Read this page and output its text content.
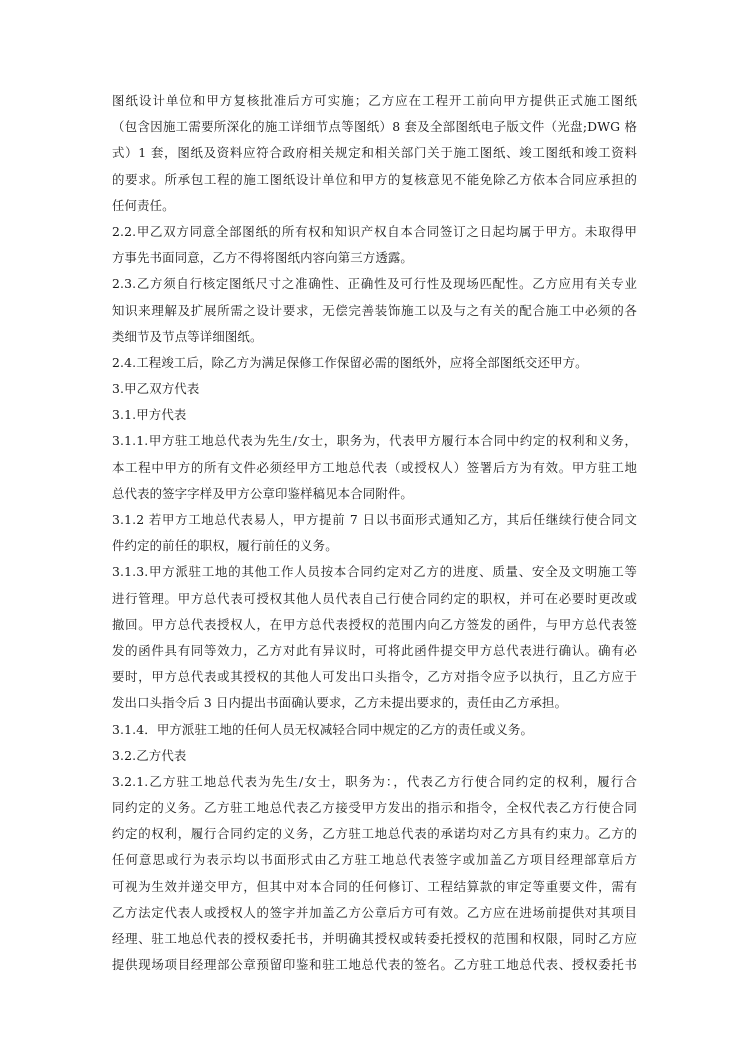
图纸设计单位和甲方复核批准后方可实施；乙方应在工程开工前向甲方提供正式施工图纸
（包含因施工需要所深化的施工详细节点等图纸）8 套及全部图纸电子版文件（光盘;DWG 格
式）1 套，图纸及资料应符合政府相关规定和相关部门关于施工图纸、竣工图纸和竣工资料
的要求。所承包工程的施工图纸设计单位和甲方的复核意见不能免除乙方依本合同应承担的
任何责任。
2.2.甲乙双方同意全部图纸的所有权和知识产权自本合同签订之日起均属于甲方。未取得甲
方事先书面同意，乙方不得将图纸内容向第三方透露。
2.3.乙方须自行核定图纸尺寸之准确性、正确性及可行性及现场匹配性。乙方应用有关专业
知识来理解及扩展所需之设计要求，无偿完善装饰施工以及与之有关的配合施工中必须的各
类细节及节点等详细图纸。
2.4.工程竣工后，除乙方为满足保修工作保留必需的图纸外，应将全部图纸交还甲方。
3.甲乙双方代表
3.1.甲方代表
3.1.1.甲方驻工地总代表为先生/女士，职务为，代表甲方履行本合同中约定的权利和义务，
本工程中甲方的所有文件必须经甲方工地总代表（或授权人）签署后方为有效。甲方驻工地
总代表的签字字样及甲方公章印鉴样稿见本合同附件。
3.1.2 若甲方工地总代表易人，甲方提前 7 日以书面形式通知乙方，其后任继续行使合同文
件约定的前任的职权，履行前任的义务。
3.1.3.甲方派驻工地的其他工作人员按本合同约定对乙方的进度、质量、安全及文明施工等
进行管理。甲方总代表可授权其他人员代表自己行使合同约定的职权，并可在必要时更改或
撤回。甲方总代表授权人，在甲方总代表授权的范围内向乙方签发的函件，与甲方总代表签
发的函件具有同等效力，乙方对此有异议时，可将此函件提交甲方总代表进行确认。确有必
要时，甲方总代表或其授权的其他人可发出口头指令，乙方对指令应予以执行，且乙方应于
发出口头指令后 3 日内提出书面确认要求，乙方未提出要求的，责任由乙方承担。
3.1.4．甲方派驻工地的任何人员无权减轻合同中规定的乙方的责任或义务。
3.2.乙方代表
3.2.1.乙方驻工地总代表为先生/女士，职务为：，代表乙方行使合同约定的权利，履行合
同约定的义务。乙方驻工地总代表乙方接受甲方发出的指示和指令，全权代表乙方行使合同
约定的权利，履行合同约定的义务，乙方驻工地总代表的承诺均对乙方具有约束力。乙方的
任何意思或行为表示均以书面形式由乙方驻工地总代表签字或加盖乙方项目经理部章后方
可视为生效并递交甲方，但其中对本合同的任何修订、工程结算款的审定等重要文件，需有
乙方法定代表人或授权人的签字并加盖乙方公章后方可有效。乙方应在进场前提供对其项目
经理、驻工地总代表的授权委托书，并明确其授权或转委托授权的范围和权限，同时乙方应
提供现场项目经理部公章预留印鉴和驻工地总代表的签名。乙方驻工地总代表、授权委托书
